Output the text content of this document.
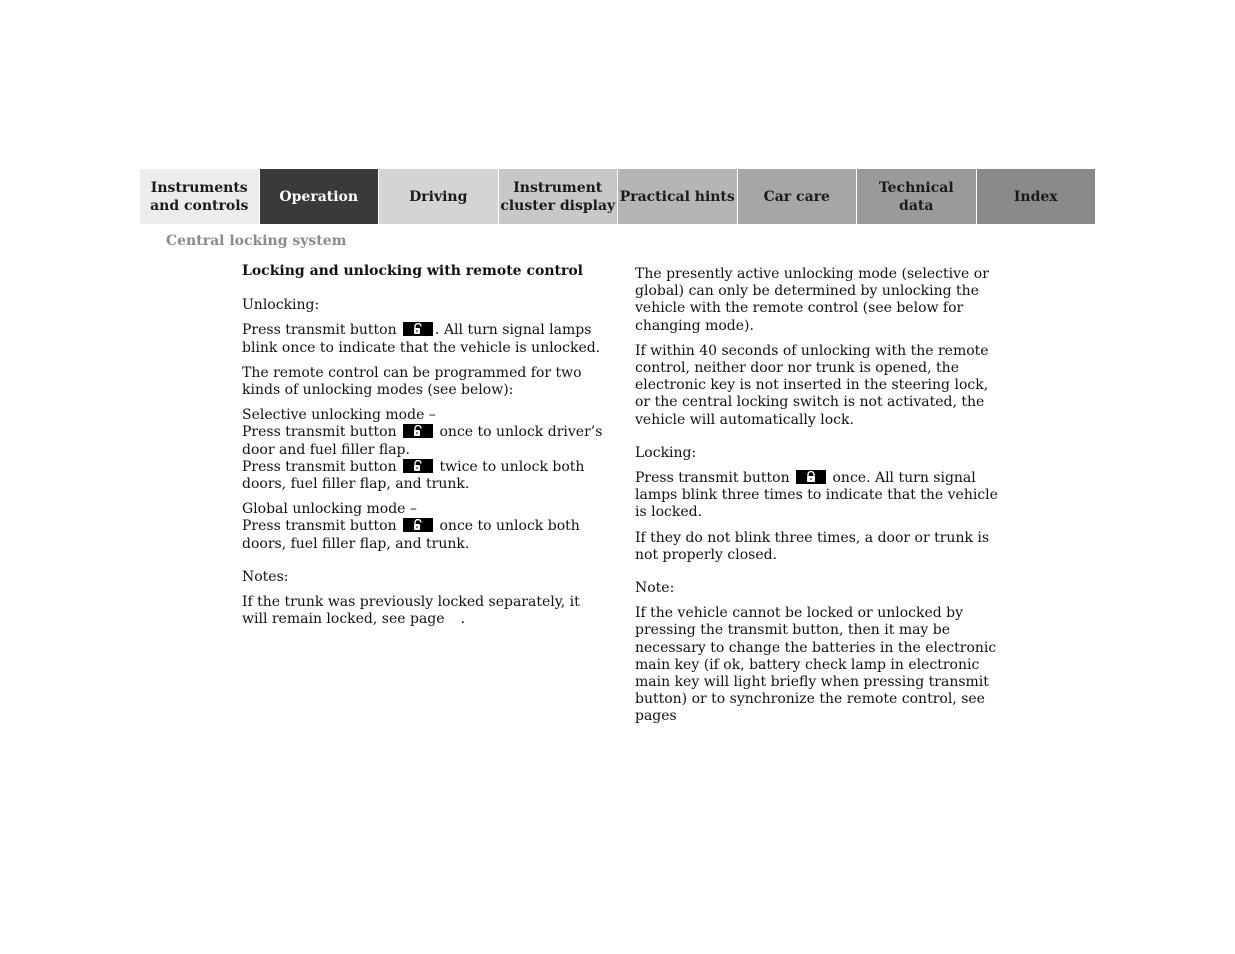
Instruments
and controls
Operation	Driving
Instrument
cluster display
Practical hints	Car care
Technical
data
Index
Central locking system

Locking and unlocking with remote control

Unlocking:

Press transmit button
. All turn signal lamps blink once to indicate that the vehicle is unlocked.

The remote control can be programmed for two kinds of unlocking modes (see below):

Selective unlocking mode –
Press transmit button
once to unlock driver’s door and fuel filler flap.
Press transmit button
twice to unlock both doors, fuel filler flap, and trunk.

Global unlocking mode –
Press transmit button
once to unlock both doors, fuel filler flap, and trunk.

Notes:

If the trunk was previously locked separately, it will remain locked, see page .

The presently active unlocking mode (selective or global) can only be determined by unlocking the vehicle with the remote control (see below for changing mode).

If within 40 seconds of unlocking with the remote control, neither door nor trunk is opened, the electronic key is not inserted in the steering lock, or the central locking switch is not activated, the vehicle will automatically lock.

Locking:

Press transmit button
once. All turn signal lamps blink three times to indicate that the vehicle is locked.

If they do not blink three times, a door or trunk is not properly closed.

Note:

If the vehicle cannot be locked or unlocked by pressing the transmit button, then it may be necessary to change the batteries in the electronic main key (if ok, battery check lamp in electronic main key will light briefly when pressing transmit button) or to synchronize the remote control, see pages
